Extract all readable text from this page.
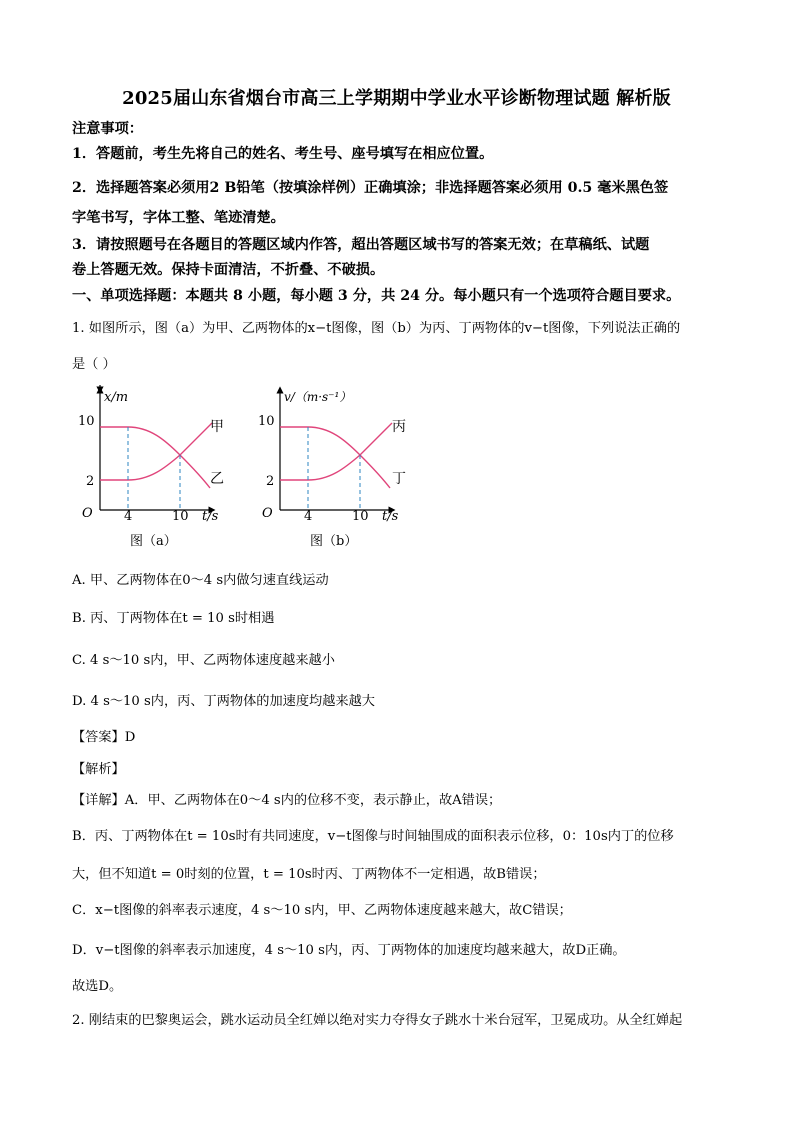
2025届山东省烟台市高三上学期期中学业水平诊断物理试题 解析版
注意事项：
1．答题前，考生先将自己的姓名、考生号、座号填写在相应位置。
2．选择题答案必须用2 B铅笔（按填涂样例）正确填涂；非选择题答案必须用 0.5 毫米黑色签
字笔书写，字体工整、笔迹清楚。
3．请按照题号在各题目的答题区域内作答，超出答题区域书写的答案无效；在草稿纸、试题
卷上答题无效。保持卡面清洁，不折叠、不破损。
一、单项选择题：本题共 8 小题，每小题 3 分，共 24 分。每小题只有一个选项符合题目要求。
1. 如图所示，图（a）为甲、乙两物体的x−t图像，图（b）为丙、丁两物体的v−t图像，下列说法正确的
是（ ）
x/m
10
2
O 4	10 t/s
甲
乙
图（a）
v/（m·s⁻¹）
10
2
O 4	10 t/s
丙
丁
图（b）
A. 甲、乙两物体在0～4 s内做匀速直线运动
B. 丙、丁两物体在t = 10 s时相遇
C. 4 s～10 s内，甲、乙两物体速度越来越小
D. 4 s～10 s内，丙、丁两物体的加速度均越来越大
【答案】D
【解析】
【详解】A．甲、乙两物体在0～4 s内的位移不变，表示静止，故A错误；
B．丙、丁两物体在t = 10s时有共同速度，v−t图像与时间轴围成的面积表示位移，0：10s内丁的位移
大，但不知道t = 0时刻的位置，t = 10s时丙、丁两物体不一定相遇，故B错误；
C．x−t图像的斜率表示速度，4 s～10 s内，甲、乙两物体速度越来越大，故C错误；
D．v−t图像的斜率表示加速度，4 s～10 s内，丙、丁两物体的加速度均越来越大，故D正确。
故选D。
2. 刚结束的巴黎奥运会，跳水运动员全红婵以绝对实力夺得女子跳水十米台冠军，卫冕成功。从全红婵起
